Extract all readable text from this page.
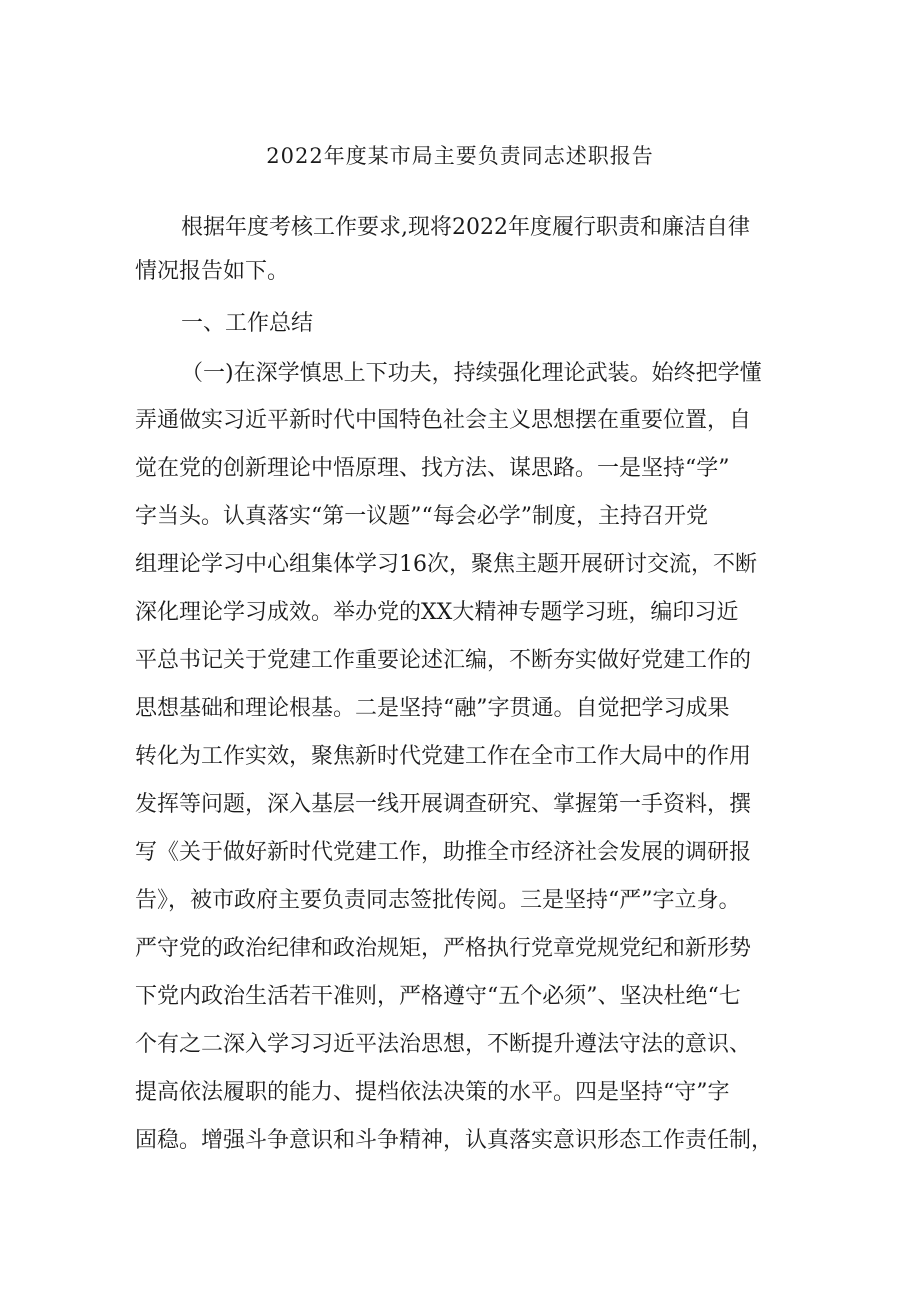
2022年度某市局主要负责同志述职报告
根据年度考核工作要求,现将2022年度履行职责和廉洁自律
情况报告如下。
一、工作总结
（一)在深学慎思上下功夫，持续强化理论武装。始终把学懂
弄通做实习近平新时代中国特色社会主义思想摆在重要位置，自
觉在党的创新理论中悟原理、找方法、谋思路。一是坚持“学”
字当头。认真落实“第一议题”“每会必学”制度，主持召开党
组理论学习中心组集体学习16次，聚焦主题开展研讨交流，不断
深化理论学习成效。举办党的XX大精神专题学习班，编印习近
平总书记关于党建工作重要论述汇编，不断夯实做好党建工作的
思想基础和理论根基。二是坚持“融”字贯通。自觉把学习成果
转化为工作实效，聚焦新时代党建工作在全市工作大局中的作用
发挥等问题，深入基层一线开展调查研究、掌握第一手资料，撰
写《关于做好新时代党建工作，助推全市经济社会发展的调研报
告》，被市政府主要负责同志签批传阅。三是坚持“严”字立身。
严守党的政治纪律和政治规矩，严格执行党章党规党纪和新形势
下党内政治生活若干准则，严格遵守“五个必须”、坚决杜绝“七
个有之二深入学习习近平法治思想，不断提升遵法守法的意识、
提高依法履职的能力、提档依法决策的水平。四是坚持“守”字
固稳。增强斗争意识和斗争精神，认真落实意识形态工作责任制，
